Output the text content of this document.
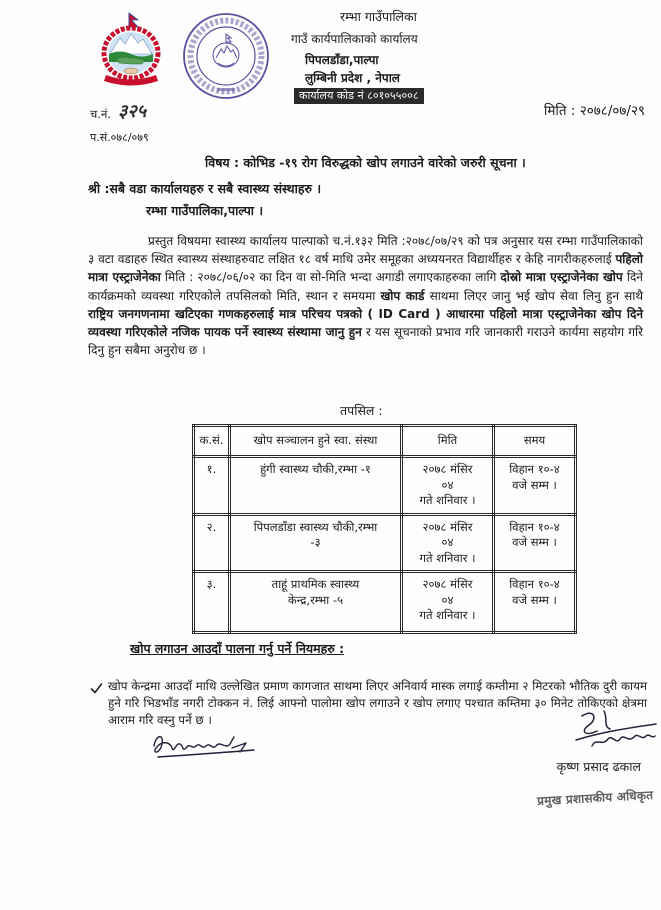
रम्भा गाउँपालिका
गाउँ कार्यपालिकाको कार्यालय
पिपलडाँडा,पाल्पा
लुम्बिनी प्रदेश , नेपाल
कार्यालय कोड नं ८०१०५५००८
च.नं. ३२५	मिति : २०७८/०७/२९
प.सं.०७८/०७९
विषय : कोभिड -१९ रोग विरुद्धको खोप लगाउने वारेको जरुरी सूचना ।
श्री :सबै वडा कार्यालयहरु र सबै स्वास्थ्य संस्थाहरु ।
रम्भा गाउँपालिका,पाल्पा ।

प्रस्तुत विषयमा स्वास्थ्य कार्यालय पाल्पाको च.नं.१३२ मिति :२०७८/०७/२९ को पत्र अनुसार यस रम्भा गाउँपालिकाको ३ वटा वडाहरु स्थित स्वास्थ्य संस्थाहरुवाट लक्षित १८ वर्ष माथि उमेर समूहका अध्ययनरत विद्यार्थीहरु र केहि नागरीकहरुलाई पहिलो मात्रा एस्ट्राजेनेका मिति : २०७८/०६/०२ का दिन वा सो-मिति भन्दा अगाडी लगाएकाहरुका लागि दोस्रो मात्रा एस्ट्राजेनेका खोप दिने कार्यक्रमको व्यवस्था गरिएकोले तपसिलको मिति, स्थान र समयमा खोप कार्ड साथमा लिएर जानु भई खोप सेवा लिनु हुन साथै राष्ट्रिय जनगणनामा खटिएका गणकहरुलाई मात्र परिचय पत्रको ( ID Card ) आधारमा पहिलो मात्रा एस्ट्राजेनेका खोप दिने व्यवस्था गरिएकोले नजिक पायक पर्ने स्वास्थ्य संस्थामा जानु हुन र यस सूचनाको प्रभाव गरि जानकारी गराउने कार्यमा सहयोग गरि दिनु हुन सबैमा अनुरोध छ ।

तपसिल :
क.सं.	खोप सञ्चालन हुने स्वा. संस्था	मिति	समय
१.	हुंगी स्वास्थ्य चौकी,रम्भा -१	२०७८ मंसिर
०४
गते शनिवार ।	विहान १०-४
वजे सम्म ।

२.	पिपलडाँडा स्वास्थ्य चौकी,रम्भा
-३	२०७८ मंसिर
०४
गते शनिवार ।	विहान १०-४
वजे सम्म ।

३.	ताहूं प्राथमिक स्वास्थ्य
केन्द्र,रम्भा -५	२०७८ मंसिर
०४
गते शनिवार ।	विहान १०-४
वजे सम्म ।
खोप लगाउन आउदाँ पालना गर्नु पर्ने नियमहरु :

खोप केन्द्रमा आउदाँ माथि उल्लेखित प्रमाण कागजात साथमा लिएर अनिवार्य मास्क लगाई कम्तीमा २ मिटरको भौतिक दुरी कायम हुने गरि भिडभाँड नगरी टोक्कन नं. लिई आफ्नो पालोमा खोप लगाउने र खोप लगाए पश्चात कम्तिमा ३० मिनेट तोकिएको क्षेत्रमा आराम गरि वस्नु पर्ने छ ।

कृष्ण प्रसाद ढकाल
प्रमुख प्रशासकीय अधिकृत
